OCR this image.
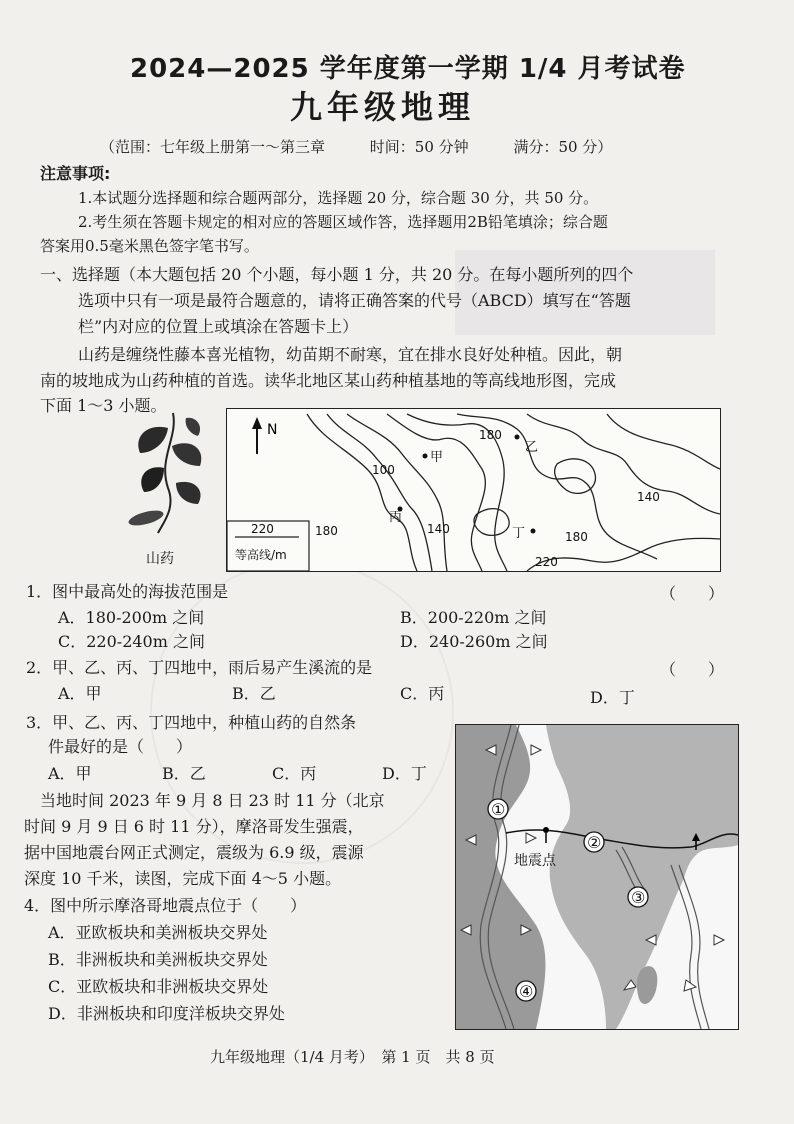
2024—2025 学年度第一学期 1/4 月考试卷
九年级地理
（范围：七年级上册第一～第三章	时间：50 分钟	满分：50 分）
注意事项:
1.本试题分选择题和综合题两部分，选择题 20 分，综合题 30 分，共 50 分。
2.考生须在答题卡规定的相对应的答题区域作答，选择题用2B铅笔填涂；综合题
答案用0.5毫米黑色签字笔书写。
一、选择题（本大题包括 20 个小题，每小题 1 分，共 20 分。在每小题所列的四个
选项中只有一项是最符合题意的，请将正确答案的代号（ABCD）填写在“答题
栏”内对应的位置上或填涂在答题卡上）
山药是缠绕性藤本喜光植物，幼苗期不耐寒，宜在排水良好处种植。因此，朝
南的坡地成为山药种植的首选。读华北地区某山药种植基地的等高线地形图，完成
下面 1～3 小题。
山药
N
220
等高线/m
180
100
140
140
180
180
220
甲
乙
丙
丁
1．图中最高处的海拔范围是	（　　）
A．180-200m 之间	B．200-220m 之间
C．220-240m 之间	D．240-260m 之间
2．甲、乙、丙、丁四地中，雨后易产生溪流的是	（　　）
A．甲	B．乙	C．丙	D．丁
3．甲、乙、丙、丁四地中，种植山药的自然条
件最好的是（　　）
A．甲	B．乙	C．丙	D．丁
当地时间 2023 年 9 月 8 日 23 时 11 分（北京
时间 9 月 9 日 6 时 11 分），摩洛哥发生强震，
据中国地震台网正式测定，震级为 6.9 级，震源
深度 10 千米，读图，完成下面 4～5 小题。
4．图中所示摩洛哥地震点位于（　　）
A．亚欧板块和美洲板块交界处
B．非洲板块和美洲板块交界处
C．亚欧板块和非洲板块交界处
D．非洲板块和印度洋板块交界处
①
②
③
④
地震点
九年级地理（1/4 月考）　第 1 页　共 8 页
